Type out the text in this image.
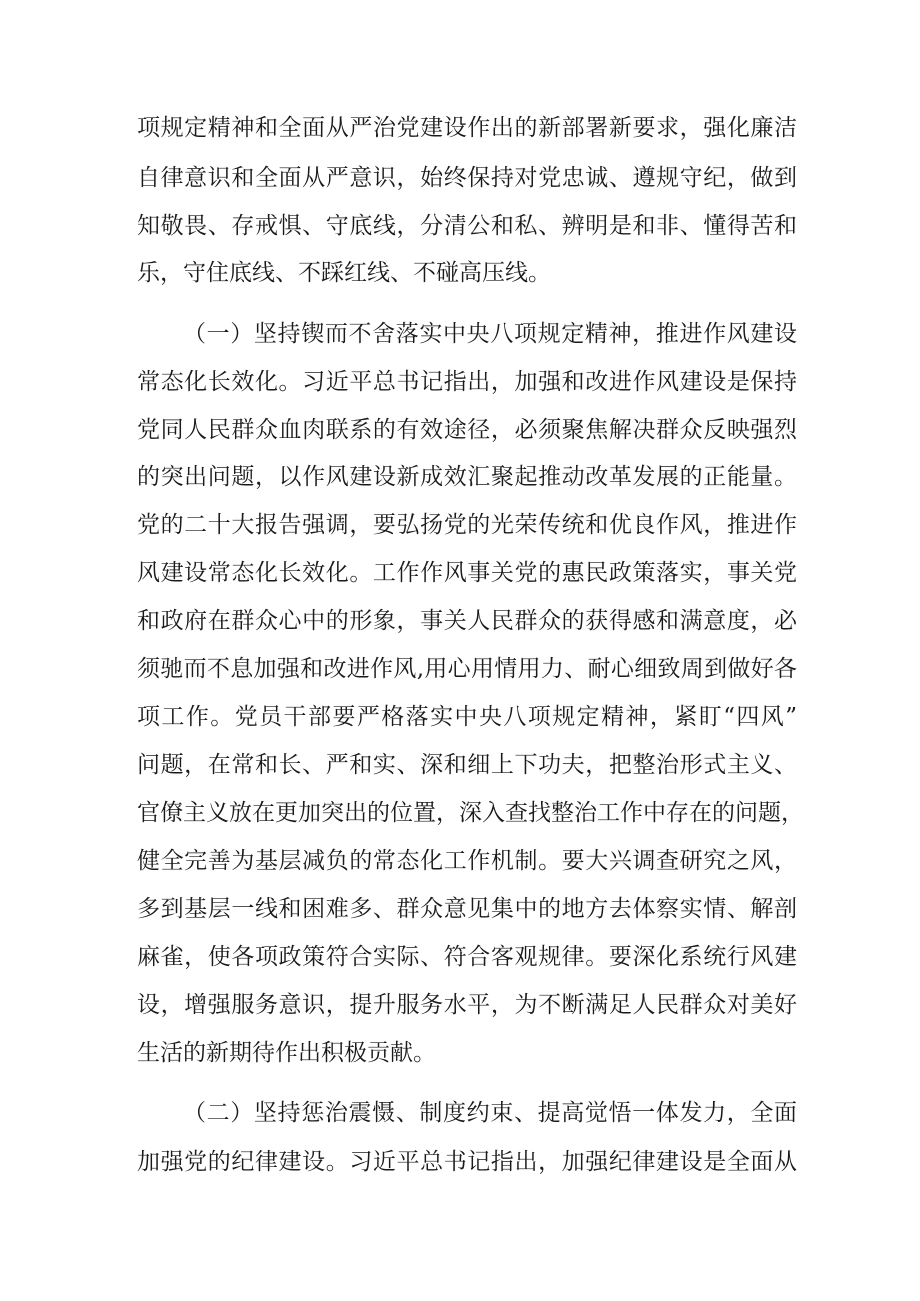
项规定精神和全面从严治党建设作出的新部署新要求，强化廉洁
自律意识和全面从严意识，始终保持对党忠诚、遵规守纪，做到
知敬畏、存戒惧、守底线，分清公和私、辨明是和非、懂得苦和
乐，守住底线、不踩红线、不碰高压线。
（一）坚持锲而不舍落实中央八项规定精神，推进作风建设
常态化长效化。习近平总书记指出，加强和改进作风建设是保持
党同人民群众血肉联系的有效途径，必须聚焦解决群众反映强烈
的突出问题，以作风建设新成效汇聚起推动改革发展的正能量。
党的二十大报告强调，要弘扬党的光荣传统和优良作风，推进作
风建设常态化长效化。工作作风事关党的惠民政策落实，事关党
和政府在群众心中的形象，事关人民群众的获得感和满意度，必
须驰而不息加强和改进作风,用心用情用力、耐心细致周到做好各
项工作。党员干部要严格落实中央八项规定精神，紧盯“四风”
问题，在常和长、严和实、深和细上下功夫，把整治形式主义、
官僚主义放在更加突出的位置，深入查找整治工作中存在的问题，
健全完善为基层减负的常态化工作机制。要大兴调查研究之风，
多到基层一线和困难多、群众意见集中的地方去体察实情、解剖
麻雀，使各项政策符合实际、符合客观规律。要深化系统行风建
设，增强服务意识，提升服务水平，为不断满足人民群众对美好
生活的新期待作出积极贡献。
（二）坚持惩治震慑、制度约束、提高觉悟一体发力，全面
加强党的纪律建设。习近平总书记指出，加强纪律建设是全面从
